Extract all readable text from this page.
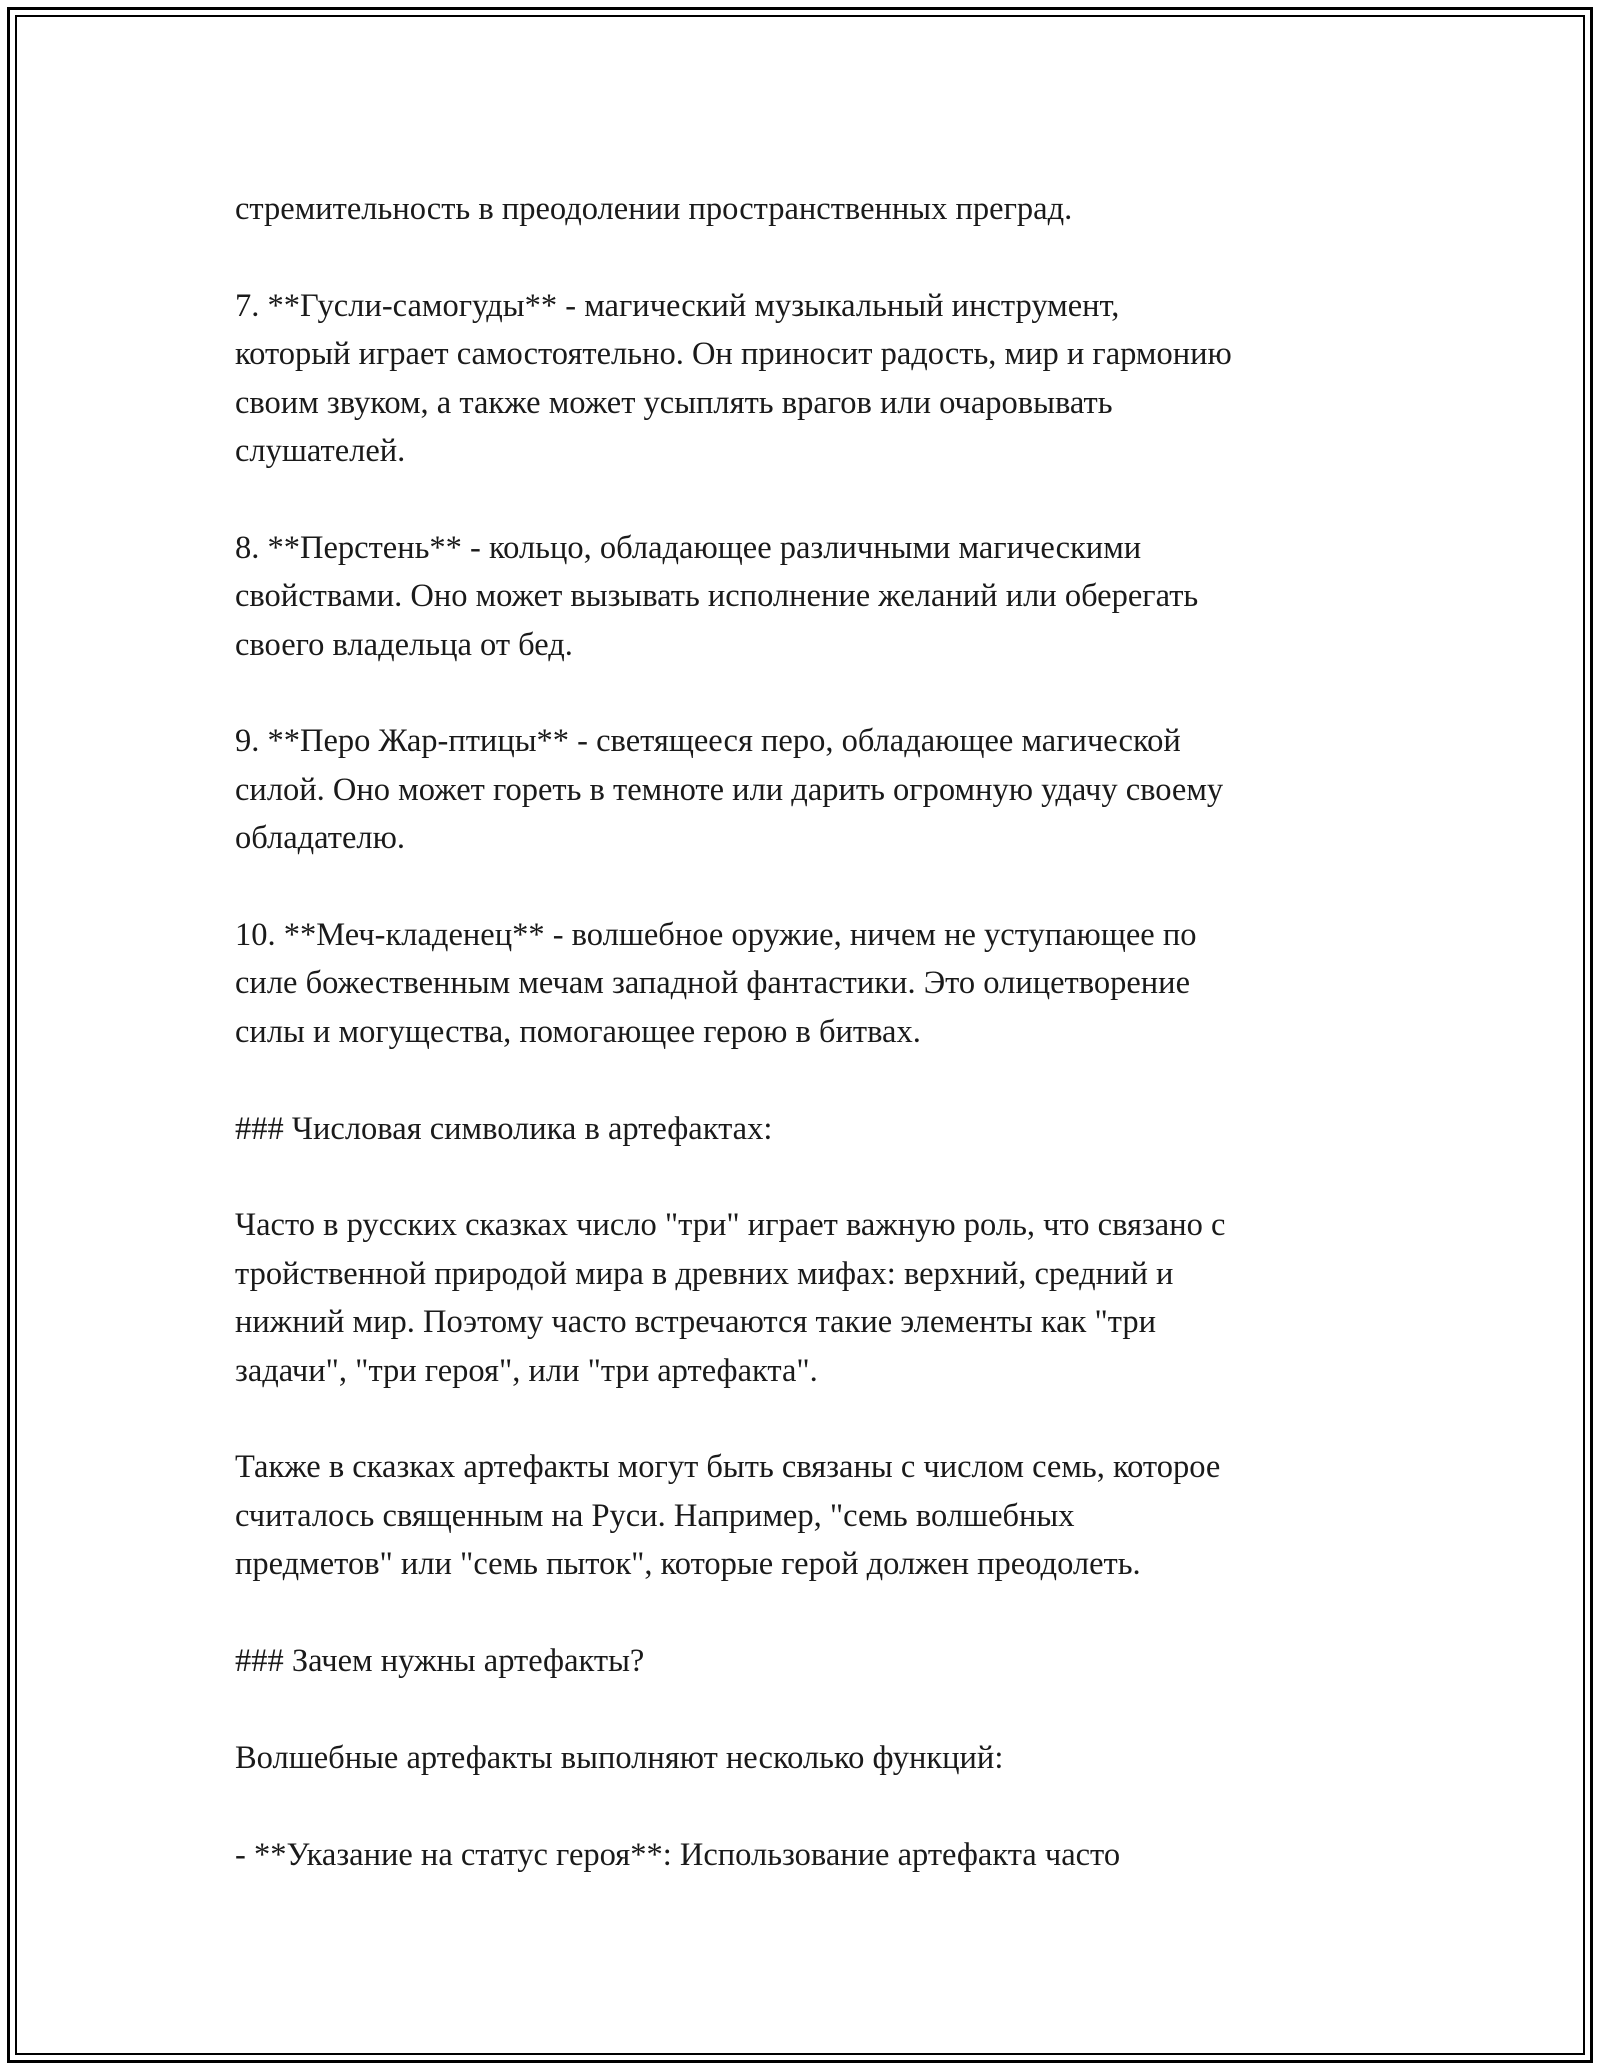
стремительность в преодолении пространственных преград.

7. **Гусли-самогуды** - магический музыкальный инструмент,
который играет самостоятельно. Он приносит радость, мир и гармонию
своим звуком, а также может усыплять врагов или очаровывать
слушателей.

8. **Перстень** - кольцо, обладающее различными магическими
свойствами. Оно может вызывать исполнение желаний или оберегать
своего владельца от бед.

9. **Перо Жар-птицы** - светящееся перо, обладающее магической
силой. Оно может гореть в темноте или дарить огромную удачу своему
обладателю.

10. **Меч-кладенец** - волшебное оружие, ничем не уступающее по
силе божественным мечам западной фантастики. Это олицетворение
силы и могущества, помогающее герою в битвах.

### Числовая символика в артефактах:

Часто в русских сказках число "три" играет важную роль, что связано с
тройственной природой мира в древних мифах: верхний, средний и
нижний мир. Поэтому часто встречаются такие элементы как "три
задачи", "три героя", или "три артефакта".

Также в сказках артефакты могут быть связаны с числом семь, которое
считалось священным на Руси. Например, "семь волшебных
предметов" или "семь пыток", которые герой должен преодолеть.

### Зачем нужны артефакты?

Волшебные артефакты выполняют несколько функций:

- **Указание на статус героя**: Использование артефакта часто
